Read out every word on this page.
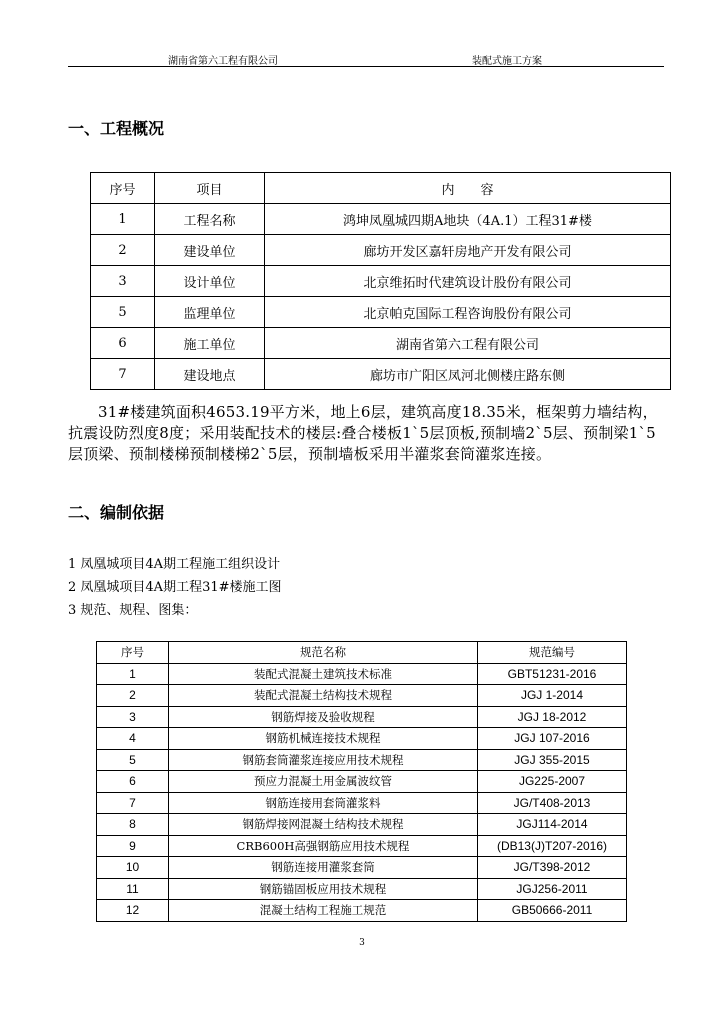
湖南省第六工程有限公司	装配式施工方案
一、工程概况
序号	项目	内　　容
1	工程名称	鸿坤凤凰城四期A地块（4A.1）工程31#楼
2	建设单位	廊坊开发区嘉轩房地产开发有限公司
3	设计单位	北京维拓时代建筑设计股份有限公司
5	监理单位	北京帕克国际工程咨询股份有限公司
6	施工单位	湖南省第六工程有限公司
7	建设地点	廊坊市广阳区凤河北侧楼庄路东侧
31#楼建筑面积4653.19平方米，地上6层，建筑高度18.35米，框架剪力墙结构，抗震设防烈度8度；采用装配技术的楼层:叠合楼板1`5层顶板,预制墙2`5层、预制梁1`5层顶梁、预制楼梯预制楼梯2`5层，预制墙板采用半灌浆套筒灌浆连接。
二、编制依据
1 凤凰城项目4A期工程施工组织设计
2 凤凰城项目4A期工程31#楼施工图
3 规范、规程、图集：
序号	规范名称	规范编号
1	装配式混凝土建筑技术标准	GBT51231-2016
2	装配式混凝土结构技术规程	JGJ 1-2014
3	钢筋焊接及验收规程	JGJ 18-2012
4	钢筋机械连接技术规程	JGJ 107-2016
5	钢筋套筒灌浆连接应用技术规程	JGJ 355-2015
6	预应力混凝土用金属波纹管	JG225-2007
7	钢筋连接用套筒灌浆料	JG/T408-2013
8	钢筋焊接网混凝土结构技术规程	JGJ114-2014
9	CRB600H高强钢筋应用技术规程	(DB13(J)T207-2016)
10	钢筋连接用灌浆套筒	JG/T398-2012
11	钢筋锚固板应用技术规程	JGJ256-2011
12	混凝土结构工程施工规范	GB50666-2011
3
